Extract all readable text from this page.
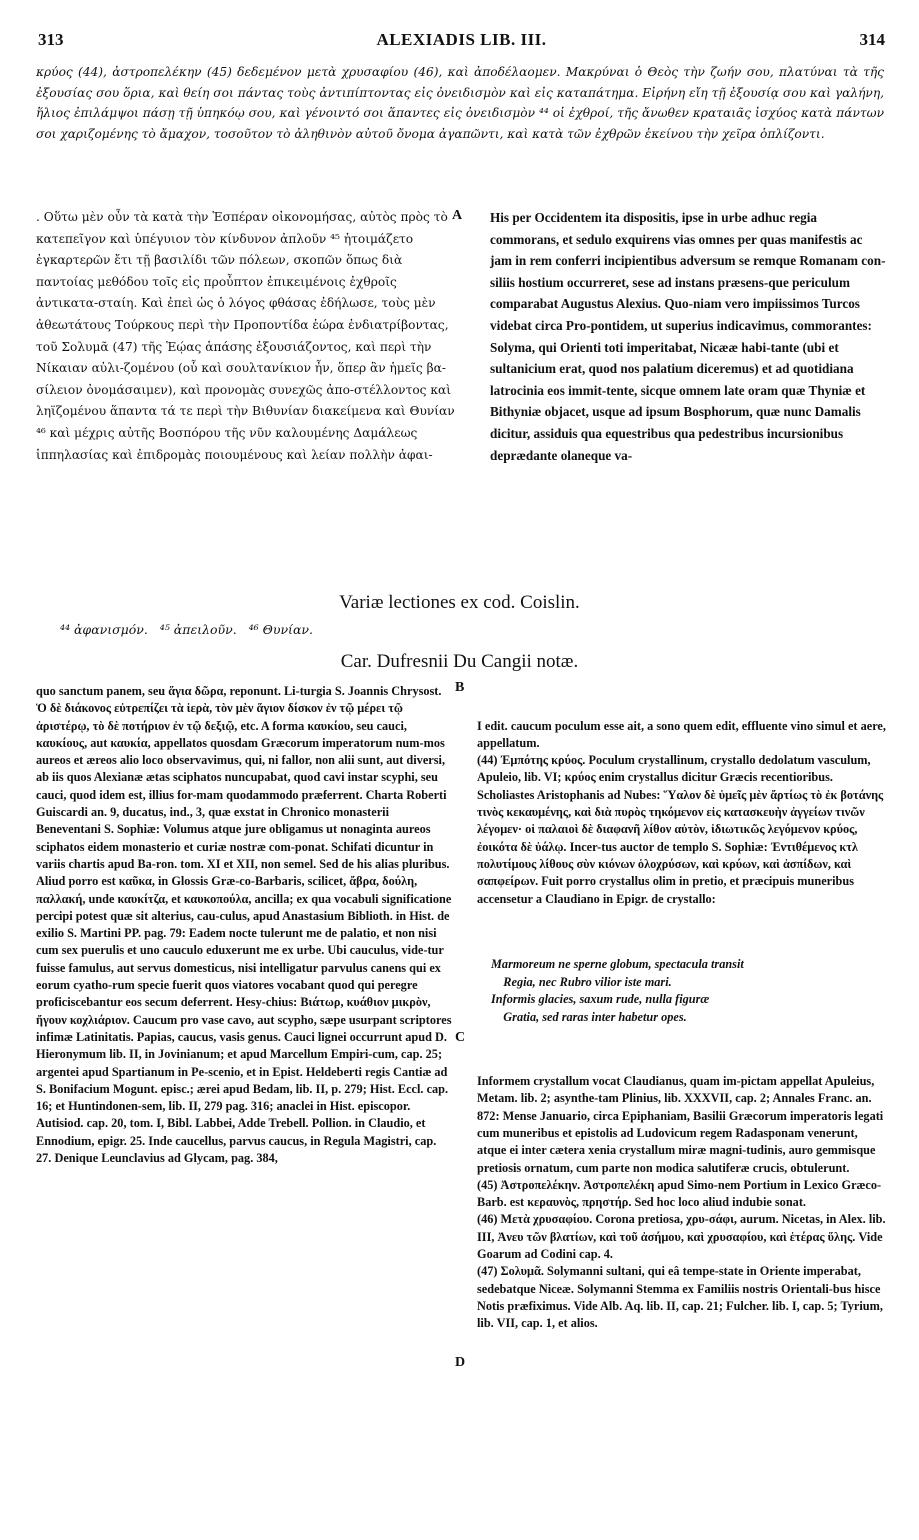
313	ALEXIADIS LIB. III.	314
κρύος (44), ἀστροπελέκην (45) δεδεμένον μετὰ χρυσαφίου (46), καὶ ἀποδέλαομεν. Μακρύναι ὁ Θεὸς τὴν ζωήν σου, πλατύναι τὰ τῆς ἐξουσίας σου ὅρια, καὶ θείη σοι πάντας τοὺς ἀντιπίπτοντας εἰς ὀνειδισμὸν καὶ εἰς καταπάτημα. Εἰρήνη εἴη τῇ ἐξουσίᾳ σου καὶ γαλήνη, ἥλιος ἐπιλάμψοι πάσῃ τῇ ὑπηκόῳ σου, καὶ γένοιντό σοι ἅπαντες εἰς ὀνειδισμὸν ⁴⁴ οἱ ἐχθροί, τῆς ἄνωθεν κραταιᾶς ἰσχύος κατὰ πάντων σοι χαριζομένης τὸ ἄμαχον, τοσοῦτον τὸ ἀληθινὸν αὐτοῦ ὄνομα ἀγαπῶντι, καὶ κατὰ τῶν ἐχθρῶν ἐκείνου τὴν χεῖρα ὁπλίζοντι.
. Οὕτω μὲν οὖν τὰ κατὰ τὴν Ἑσπέραν οἰκονομήσας, αὐτὸς πρὸς τὸ κατεπεῖγον καὶ ὑπέγυιον τὸν κίνδυνον ἀπλοῦν ⁴⁵ ἡτοιμάζετο ἐγκαρτερῶν ἔτι τῇ βασιλίδι τῶν πόλεων, σκοπῶν ὅπως διὰ παντοίας μεθόδου τοῖς εἰς προὖπτον ἐπικειμένοις ἐχθροῖς ἀντικατα-σταίη. Καὶ ἐπεὶ ὡς ὁ λόγος φθάσας ἐδήλωσε, τοὺς μὲν ἀθεωτάτους Τούρκους περὶ τὴν Προποντίδα ἑώρα ἐνδιατρίβοντας, τοῦ Σολυμᾶ (47) τῆς Ἑῴας ἁπάσης ἐξουσιάζοντος, καὶ περὶ τὴν Νίκαιαν αὐλι-ζομένου (οὗ καὶ σουλτανίκιον ἦν, ὅπερ ἂν ἡμεῖς βα-σίλειον ὀνομάσαιμεν), καὶ προνομὰς συνεχῶς ἀπο-στέλλοντος καὶ ληϊζομένου ἅπαντα τά τε περὶ τὴν Βιθυνίαν διακείμενα καὶ Θυνίαν ⁴⁶ καὶ μέχρις αὐτῆς Βοσπόρου τῆς νῦν καλουμένης Δαμάλεως ἱππηλασίας καὶ ἐπιδρομὰς ποιουμένους καὶ λείαν πολλὴν ἀφαι-
A His per Occidentem ita dispositis, ipse in urbe adhuc regia commorans, et sedulo exquirens vias omnes per quas manifestis ac jam in rem conferri incipientibus adversum se remque Romanam con-siliis hostium occurreret, sese ad instans præsens-que periculum comparabat Augustus Alexius. Quo-niam vero impiissimos Turcos videbat circa Pro-pontidem, ut superius indicavimus, commorantes: Solyma, qui Orienti toti imperitabat, Nicææ habi-tante (ubi et sultanicium erat, quod nos palatium diceremus) et ad quotidiana latrocinia eos immit-tente, sicque omnem late oram quæ Thyniæ et Bithyniæ objacet, usque ad ipsum Bosphorum, quæ nunc Damalis dicitur, assiduis qua equestribus qua pedestribus incursionibus deprædante olaneque va-
Variæ lectiones ex cod. Coislin.
⁴⁴ ἀφανισμόν.   ⁴⁵ ἀπειλοῦν.   ⁴⁶ Θυνίαν.
Car. Dufresnii Du Cangii notæ.
B
C
D
quo sanctum panem, seu ἅγια δῶρα, reponunt. Li-turgia S. Joannis Chrysost. Ὁ δὲ διάκονος εὐτρεπίζει τὰ ἱερὰ, τὸν μὲν ἅγιον δίσκον ἐν τῷ μέρει τῷ ἀριστέρῳ, τὸ δὲ ποτήριον ἐν τῷ δεξιῷ, etc. A forma καυκίου, seu cauci, καυκίους, aut καυκία, appellatos quosdam Græcorum imperatorum num-mos aureos et æreos alio loco observavimus, qui, ni fallor, non alii sunt, aut diversi, ab iis quos Alexianæ ætas sciphatos nuncupabat, quod cavi instar scyphi, seu cauci, quod idem est, illius for-mam quodammodo præferrent. Charta Roberti Guiscardi an. 9, ducatus, ind., 3, quæ exstat in Chronico monasterii Beneventani S. Sophiæ: Volumus atque jure obligamus ut nonaginta aureos sciphatos eidem monasterio et curiæ nostræ com-ponat. Schifati dicuntur in variis chartis apud Ba-ron. tom. XI et XII, non semel. Sed de his alias pluribus. Aliud porro est καῦκα, in Glossis Græ-co-Barbaris, scilicet, ἄβρα, δούλη, παλλακή, unde καυκίτζα, et καυκοπούλα, ancilla; ex qua vocabuli significatione percipi potest quæ sit alterius, cau-culus, apud Anastasium Biblioth. in Hist. de exilio S. Martini PP. pag. 79: Eadem nocte tulerunt me de palatio, et non nisi cum sex puerulis et uno cauculo eduxerunt me ex urbe. Ubi cauculus, vide-tur fuisse famulus, aut servus domesticus, nisi intelligatur parvulus canens qui ex eorum cyatho-rum specie fuerit quos viatores vocabant quod qui peregre proficiscebantur eos secum deferrent. Hesy-chius: Βιάτωρ, κυάθιον μικρὸν, ἤγουν κοχλιάριον. Caucum pro vase cavo, aut scypho, sæpe usurpant scriptores infimæ Latinitatis. Papias, caucus, vasis genus. Cauci lignei occurrunt apud D. Hieronymum lib. II, in Jovinianum; et apud Marcellum Empiri-cum, cap. 25; argentei apud Spartianum in Pe-scenio, et in Epist. Heldeberti regis Cantiæ ad S. Bonifacium Mogunt. episc.; ærei apud Bedam, lib. II, p. 279; Hist. Eccl. cap. 16; et Huntindonen-sem, lib. II, 279 pag. 316; anaclei in Hist. episcopor. Autisiod. cap. 20, tom. I, Bibl. Labbei, Adde Trebell. Pollion. in Claudio, et Ennodium, epigr. 25. Inde caucellus, parvus caucus, in Regula Magistri, cap. 27. Denique Leunclavius ad Glycam, pag. 384,

I edit. caucum poculum esse ait, a sono quem edit, effluente vino simul et aere, appellatum.
(44) Ἐμπότης κρύος. Poculum crystallinum, crystallo dedolatum vasculum, Apuleio, lib. VI; κρύος enim crystallus dicitur Græcis recentioribus. Scholiastes Aristophanis ad Nubes: Ὕαλον δὲ ὑμεῖς μὲν ἄρτίως τὸ ἐκ βοτάνης τινὸς κεκαυμένης, καὶ διὰ πυρὸς τηκόμενον εἰς κατασκευὴν ἀγγείων τινῶν λέγομεν· οἱ παλαιοὶ δὲ διαφανῆ λίθον αὐτὸν, ἰδιωτικῶς λεγόμενον κρύος, ἐοικότα δὲ ὑάλῳ. Incer-tus auctor de templo S. Sophiæ: Ἐντιθέμενος κτλ πολυτίμους λίθους σὺν κιόνων ὁλοχρύσων, καὶ κρύων, καὶ ἀσπίδων, καὶ σαπφείρων. Fuit porro crystallus olim in pretio, et præcipuis muneribus accensetur a Claudiano in Epigr. de crystallo:

Marmoreum ne sperne globum, spectacula transit
Regia, nec Rubro vilior iste mari.
Informis glacies, saxum rude, nulla figuræ
Gratia, sed raras inter habetur opes.

Informem crystallum vocat Claudianus, quam im-pictam appellat Apuleius, Metam. lib. 2; asynthe-tam Plinius, lib. XXXVII, cap. 2; Annales Franc. an. 872: Mense Januario, circa Epiphaniam, Basilii Græcorum imperatoris legati cum muneribus et epistolis ad Ludovicum regem Radasponam venerunt, atque ei inter cætera xenia crystallum miræ magni-tudinis, auro gemmisque pretiosis ornatum, cum parte non modica salutiferæ crucis, obtulerunt.
(45) Ἀστροπελέκην. Ἀστροπελέκη apud Simo-nem Portium in Lexico Græco-Barb. est κεραυνὸς, πρηστήρ. Sed hoc loco aliud indubie sonat.
(46) Μετὰ χρυσαφίου. Corona pretiosa, χρυ-σάφι, aurum. Nicetas, in Alex. lib. III, Ἀνευ τῶν βλατίων, καὶ τοῦ ἀσήμου, καὶ χρυσαφίου, καὶ ἑτέρας ὕλης. Vide Goarum ad Codini cap. 4.
(47) Σολυμᾶ. Solymanni sultani, qui eâ tempe-state in Oriente imperabat, sedebatque Niceæ. Solymanni Stemma ex Familiis nostris Orientali-bus hisce Notis præfiximus. Vide Alb. Aq. lib. II, cap. 21; Fulcher. lib. I, cap. 5; Tyrium, lib. VII, cap. 1, et alios.
